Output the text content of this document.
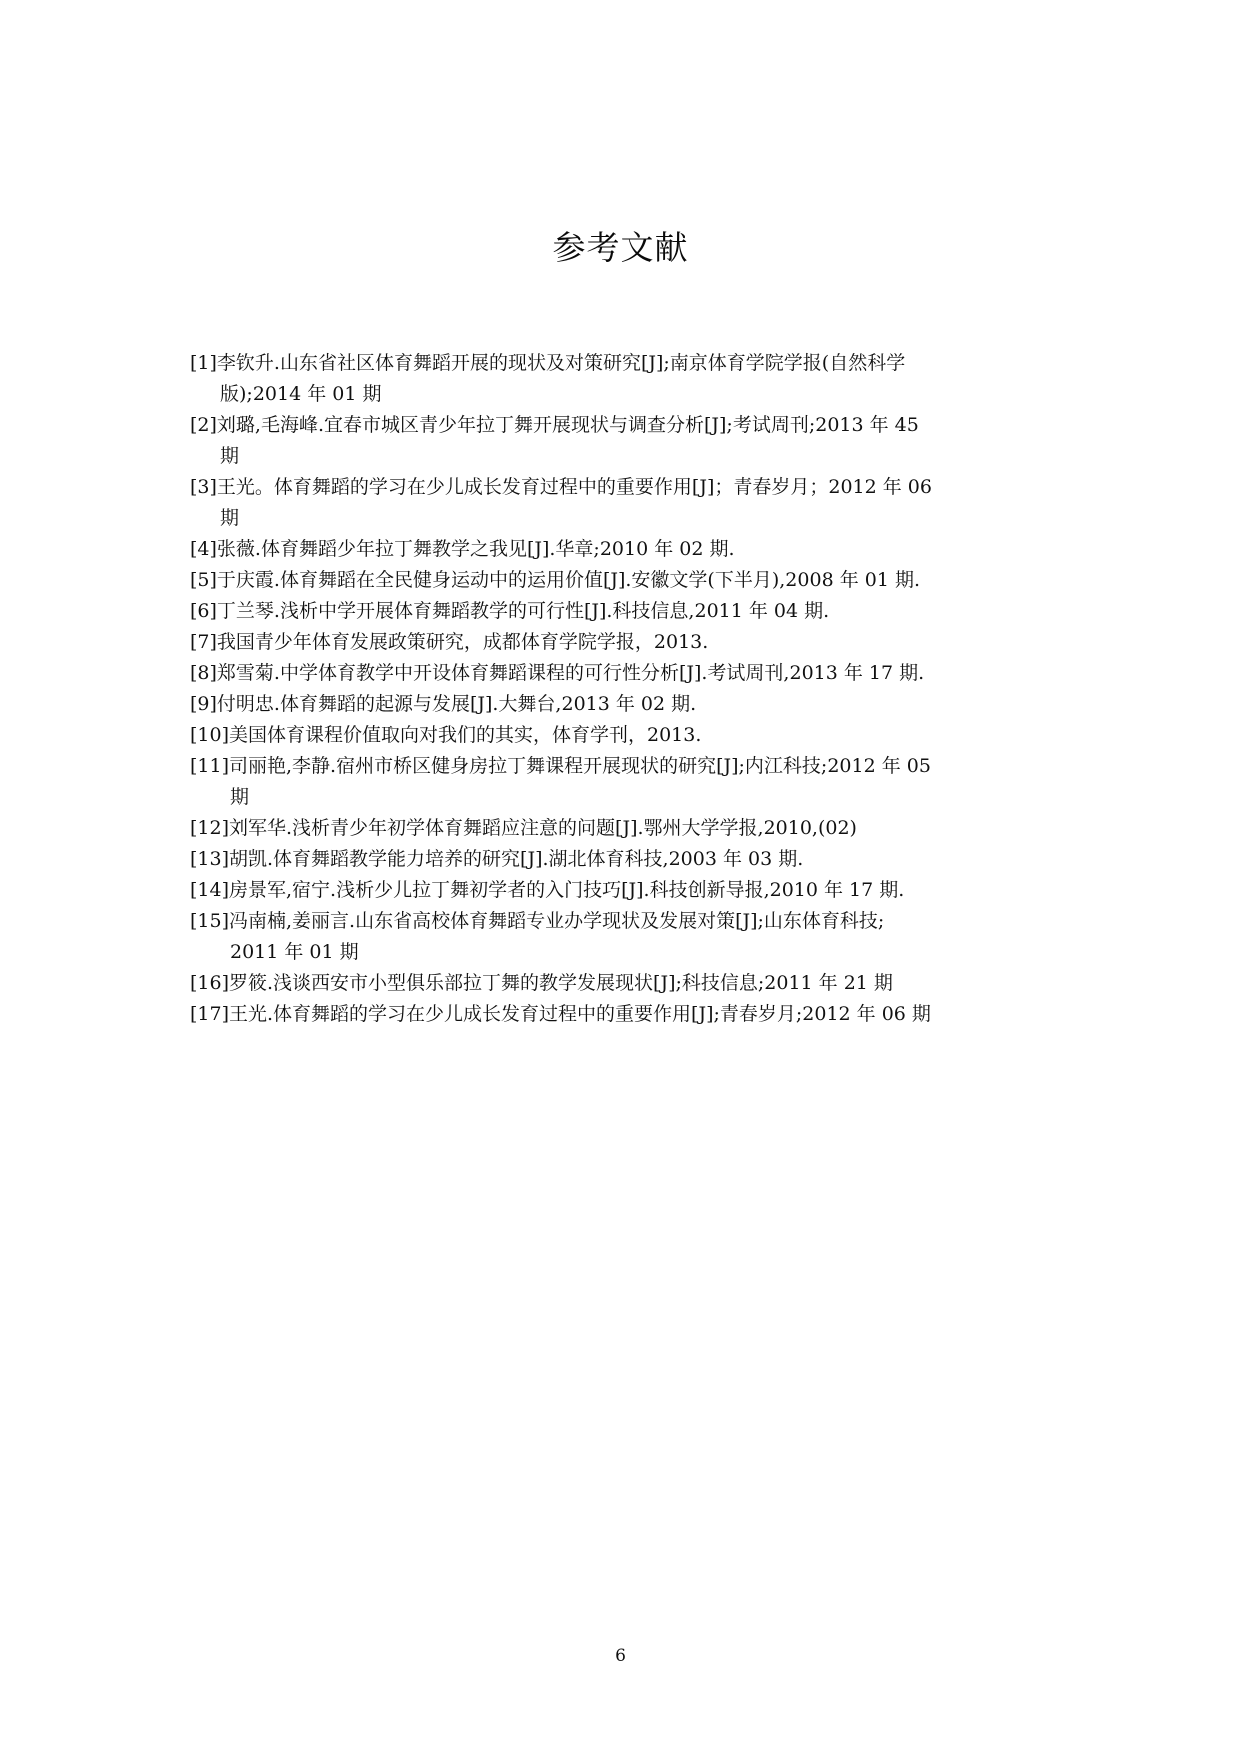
参考文献
[1]李钦升.山东省社区体育舞蹈开展的现状及对策研究[J];南京体育学院学报(自然科学
版);2014 年 01 期
[2]刘璐,毛海峰.宜春市城区青少年拉丁舞开展现状与调查分析[J];考试周刊;2013 年 45
期
[3]王光。体育舞蹈的学习在少儿成长发育过程中的重要作用[J]；青春岁月；2012 年 06
期
[4]张薇.体育舞蹈少年拉丁舞教学之我见[J].华章;2010 年 02 期.
[5]于庆霞.体育舞蹈在全民健身运动中的运用价值[J].安徽文学(下半月),2008 年 01 期.
[6]丁兰琴.浅析中学开展体育舞蹈教学的可行性[J].科技信息,2011 年 04 期.
[7]我国青少年体育发展政策研究，成都体育学院学报，2013.
[8]郑雪菊.中学体育教学中开设体育舞蹈课程的可行性分析[J].考试周刊,2013 年 17 期.
[9]付明忠.体育舞蹈的起源与发展[J].大舞台,2013 年 02 期.
[10]美国体育课程价值取向对我们的其实，体育学刊，2013.
[11]司丽艳,李静.宿州市桥区健身房拉丁舞课程开展现状的研究[J];内江科技;2012 年 05
期
[12]刘军华.浅析青少年初学体育舞蹈应注意的问题[J].鄂州大学学报,2010,(02)
[13]胡凯.体育舞蹈教学能力培养的研究[J].湖北体育科技,2003 年 03 期.
[14]房景军,宿宁.浅析少儿拉丁舞初学者的入门技巧[J].科技创新导报,2010 年 17 期.
[15]冯南楠,姜丽言.山东省高校体育舞蹈专业办学现状及发展对策[J];山东体育科技;
2011 年 01 期
[16]罗筱.浅谈西安市小型俱乐部拉丁舞的教学发展现状[J];科技信息;2011 年 21 期
[17]王光.体育舞蹈的学习在少儿成长发育过程中的重要作用[J];青春岁月;2012 年 06 期
6
